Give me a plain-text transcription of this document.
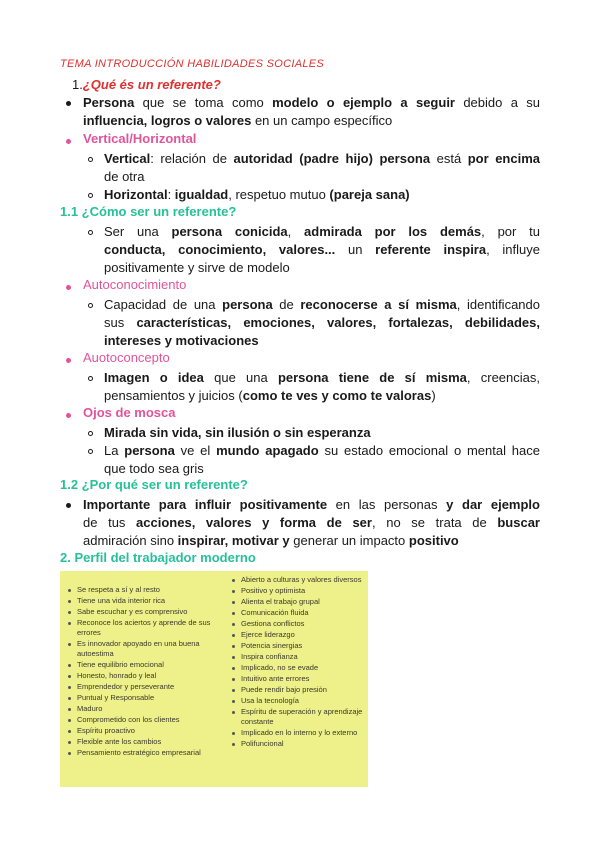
TEMA INTRODUCCIÓN HABILIDADES SOCIALES
1.¿Qué és un referente?
Persona que se toma como modelo o ejemplo a seguir debido a su
influencia, logros o valores en un campo específico
Vertical/Horizontal
Vertical: relación de autoridad (padre hijo) persona está por encima
de otra
Horizontal: igualdad, respetuo mutuo (pareja sana)
1.1 ¿Cómo ser un referente?
Ser una persona conicida, admirada por los demás, por tu
conducta, conocimiento, valores... un referente inspira, influye
positivamente y sirve de modelo
Autoconocimiento
Capacidad de una persona de reconocerse a sí misma, identificando
sus características, emociones, valores, fortalezas, debilidades,
intereses y motivaciones
Auotoconcepto
Imagen o idea que una persona tiene de sí misma, creencias,
pensamientos y juicios (como te ves y como te valoras)
Ojos de mosca
Mirada sin vida, sin ilusión o sin esperanza
La persona ve el mundo apagado su estado emocional o mental hace
que todo sea gris
1.2 ¿Por qué ser un referente?
Importante para influir positivamente en las personas y dar ejemplo
de tus acciones, valores y forma de ser, no se trata de buscar
admiración sino inspirar, motivar y generar un impacto positivo
2. Perfil del trabajador moderno
Se respeta a sí y al resto
Tiene una vida interior rica
Sabe escuchar y es comprensivo
Reconoce los aciertos y aprende de sus errores
Es innovador apoyado en una buena autoestima
Tiene equilibrio emocional
Honesto, honrado y leal
Emprendedor y perseverante
Puntual y Responsable
Maduro
Comprometido con los clientes
Espíritu proactivo
Flexible ante los cambios
Pensamiento estratégico empresarial
Abierto a culturas y valores diversos
Positivo y optimista
Alienta el trabajo grupal
Comunicación fluida
Gestiona conflictos
Ejerce liderazgo
Potencia sinergias
Inspira confianza
Implicado, no se evade
Intuitivo ante errores
Puede rendir bajo presión
Usa la tecnología
Espíritu de superación y aprendizaje constante
Implicado en lo interno y lo externo
Polifuncional
